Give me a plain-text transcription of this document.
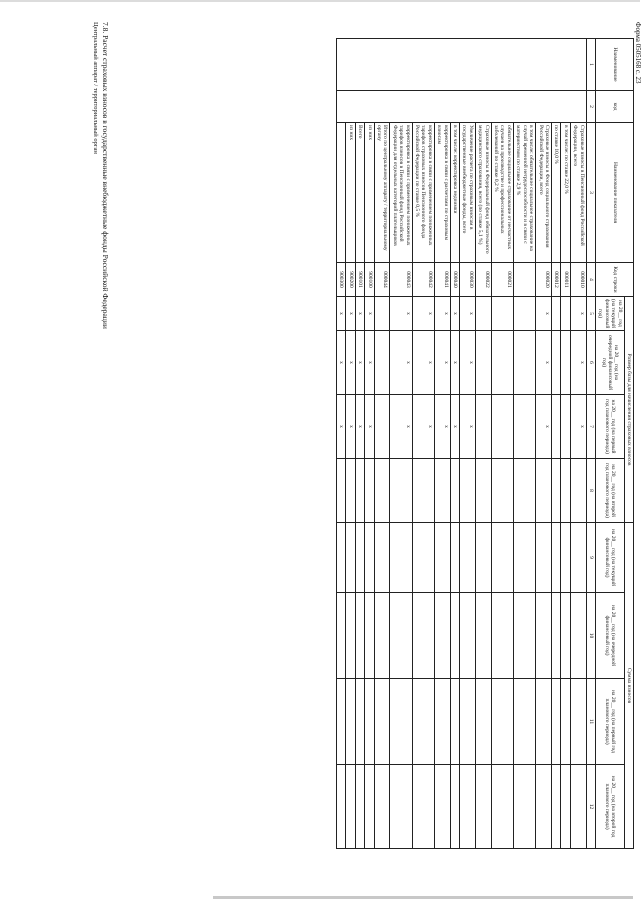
Форма 0505168 с. 23
Наименование	код	Наименование показателя	Код строки	Размер базы для начисления страховых взносов				Сумма взносов			
				на 20__ год (на текущий финансовый год)	на 20__ год (на очередной финансовый год)	на 20__ год (на первый год планового периода)	на 20__ год (на второй год планового периода)	на 20__ год (на текущий финансовый год)	на 20__ год (на очередной финансовый год)	на 20__ год (на первый год планового периода)	на 20__ год (на второй год планового периода)
1	2	3	4	5	6	7	8	9	10	11	12
		Страховые взносы в Пенсионный фонд Российской Федерации, всего	000010	x	x	x					
		в том числе: по ставке 22,0 %	000011								
		по ставке 10,0 %	000012								
		Страховые взносы в Фонд социального страхования Российской Федерации, всего	000020	x	x	x					
		в том числе: обязательное социальное страхование на случай временной нетрудоспособности и в связи с материнством по ставке 2,9 %									
		обязательное социальное страхование от несчастных случаев на производстве и профессиональных заболеваний по ставке 0,2 %	000021								
		Страховые взносы в Федеральный фонд обязательного медицинского страхования, всего (по ставке 5,1 %)	000022								
		Увеличение расчета по страховым взносам в государственные внебюджетные фонды, всего	000030	x	x	x					
		в том числе: корректировка недоимки	000040	x	x	x					
		корректировка в связи с расчетами по страховым взносам	000041	x	x	x					
		корректировка в связи с применением пониженных тарифов страховых взносов Пенсионного фонда Российской Федерации по ставке 0,5 %	000042	x	x	x					
		корректировка в связи с применением пониженных тарифов взносов в Пенсионный фонд Российской Федерации для отдельных категорий плательщиков	000043	x	x	x					
		Итого по центральному аппарату / территориальному органу	000044								
		из них	900100	x	x	x					
		Всего	900101	x	x	x					
		из них	900200	x	x	x					
			900300	x	x	x					
7.8. Расчет страховых взносов в государственные внебюджетные фонды Российской Федерации
Центральный аппарат / территориальный орган
